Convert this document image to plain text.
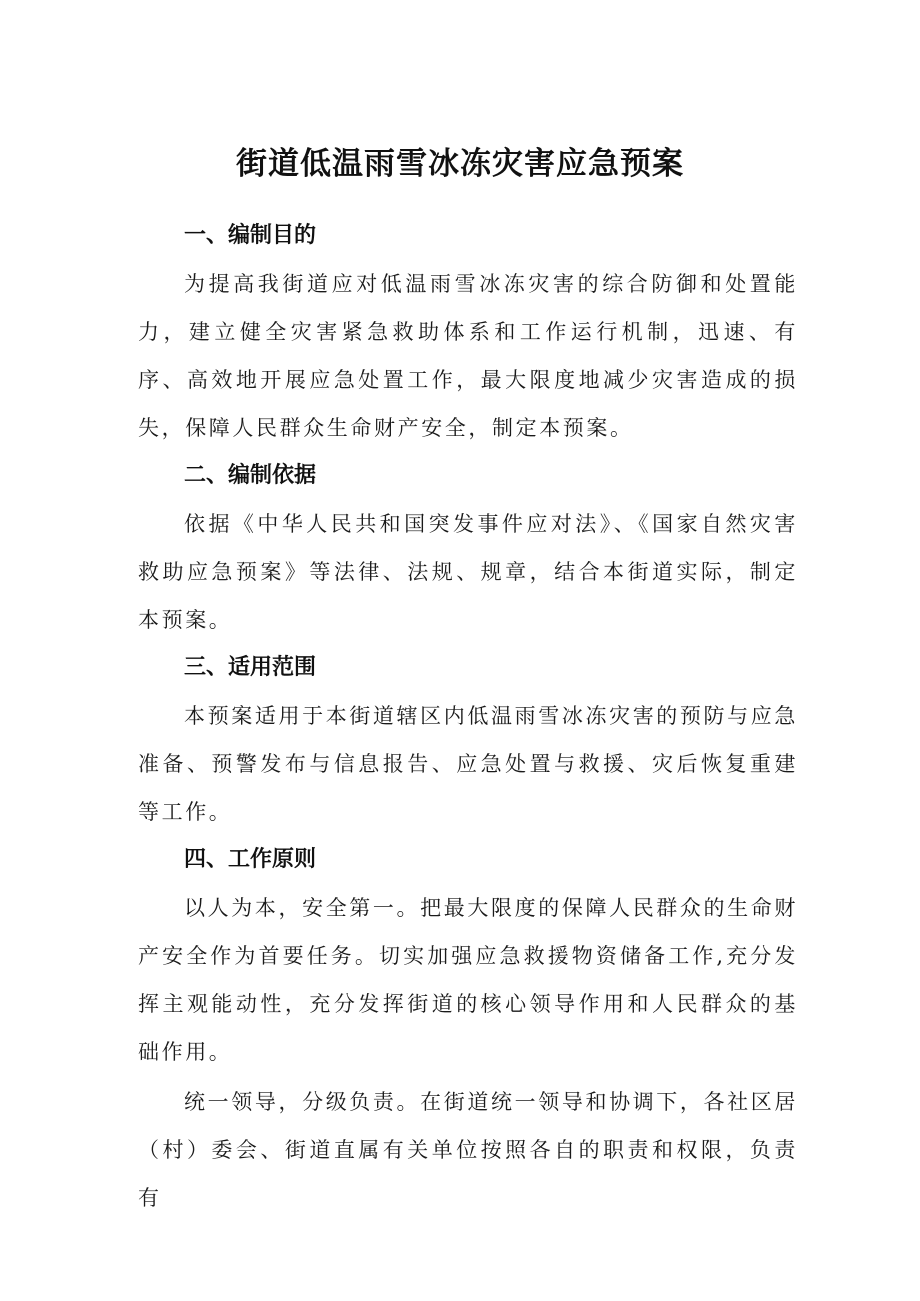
街道低温雨雪冰冻灾害应急预案

一、编制目的

为提高我街道应对低温雨雪冰冻灾害的综合防御和处置能力，建立健全灾害紧急救助体系和工作运行机制，迅速、有序、高效地开展应急处置工作，最大限度地减少灾害造成的损失，保障人民群众生命财产安全，制定本预案。

二、编制依据

依据《中华人民共和国突发事件应对法》、《国家自然灾害救助应急预案》等法律、法规、规章，结合本街道实际，制定本预案。

三、适用范围

本预案适用于本街道辖区内低温雨雪冰冻灾害的预防与应急准备、预警发布与信息报告、应急处置与救援、灾后恢复重建等工作。

四、工作原则

以人为本，安全第一。把最大限度的保障人民群众的生命财产安全作为首要任务。切实加强应急救援物资储备工作,充分发挥主观能动性，充分发挥街道的核心领导作用和人民群众的基础作用。

统一领导，分级负责。在街道统一领导和协调下，各社区居（村）委会、街道直属有关单位按照各自的职责和权限，负责有
